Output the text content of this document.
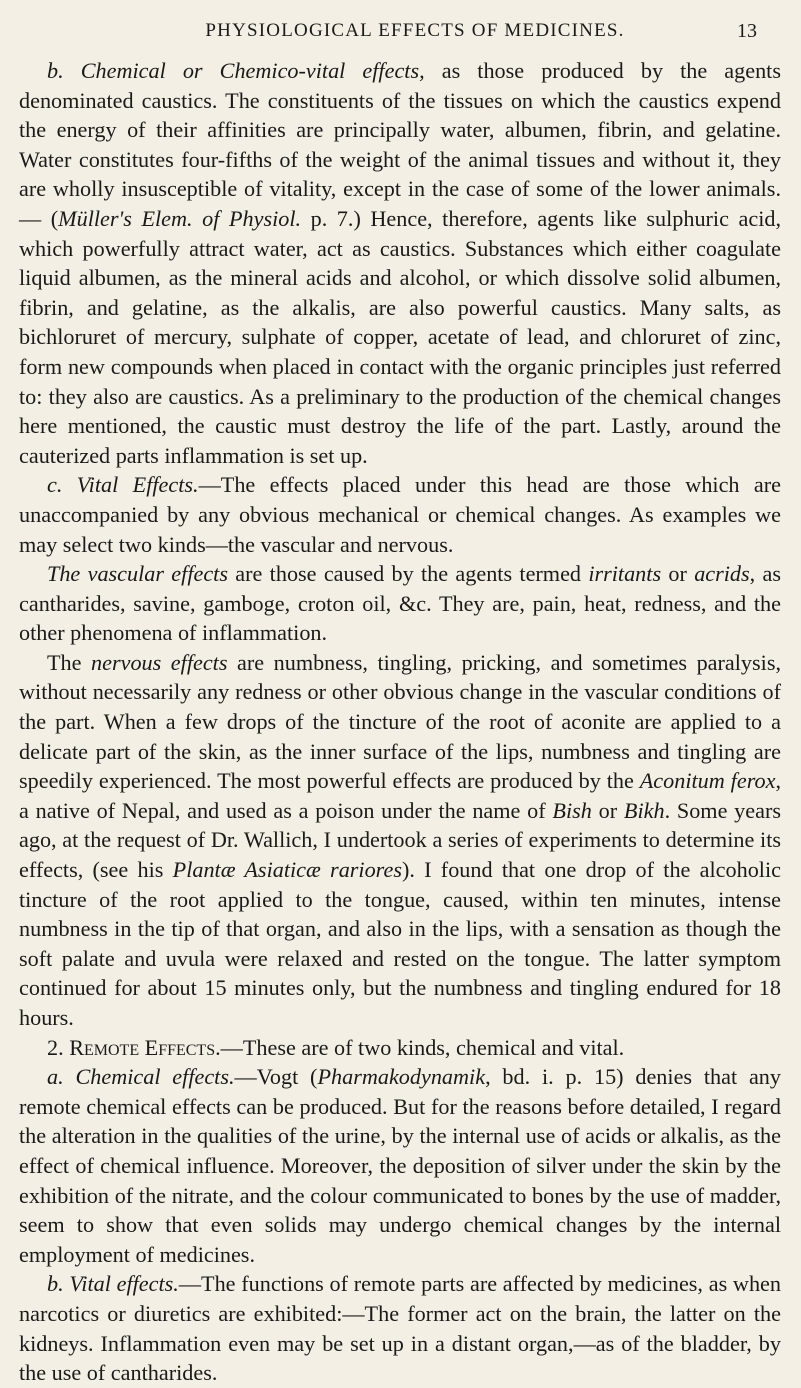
PHYSIOLOGICAL EFFECTS OF MEDICINES.	13

b. Chemical or Chemico-vital effects, as those produced by the agents denominated caustics. The constituents of the tissues on which the caustics expend the energy of their affinities are principally water, albumen, fibrin, and gelatine. Water constitutes four-fifths of the weight of the animal tissues and without it, they are wholly insusceptible of vitality, except in the case of some of the lower animals. — (Müller's Elem. of Physiol. p. 7.) Hence, therefore, agents like sulphuric acid, which powerfully attract water, act as caustics. Substances which either coagulate liquid albumen, as the mineral acids and alcohol, or which dissolve solid albumen, fibrin, and gelatine, as the alkalis, are also powerful caustics. Many salts, as bichloruret of mercury, sulphate of copper, acetate of lead, and chloruret of zinc, form new compounds when placed in contact with the organic principles just referred to: they also are caustics. As a preliminary to the production of the chemical changes here mentioned, the caustic must destroy the life of the part. Lastly, around the cauterized parts inflammation is set up.

c. Vital Effects.—The effects placed under this head are those which are unaccompanied by any obvious mechanical or chemical changes. As examples we may select two kinds—the vascular and nervous.

The vascular effects are those caused by the agents termed irritants or acrids, as cantharides, savine, gamboge, croton oil, &c. They are, pain, heat, redness, and the other phenomena of inflammation.

The nervous effects are numbness, tingling, pricking, and sometimes paralysis, without necessarily any redness or other obvious change in the vascular conditions of the part. When a few drops of the tincture of the root of aconite are applied to a delicate part of the skin, as the inner surface of the lips, numbness and tingling are speedily experienced. The most powerful effects are produced by the Aconitum ferox, a native of Nepal, and used as a poison under the name of Bish or Bikh. Some years ago, at the request of Dr. Wallich, I undertook a series of experiments to determine its effects, (see his Plantæ Asiaticæ rariores). I found that one drop of the alcoholic tincture of the root applied to the tongue, caused, within ten minutes, intense numbness in the tip of that organ, and also in the lips, with a sensation as though the soft palate and uvula were relaxed and rested on the tongue. The latter symptom continued for about 15 minutes only, but the numbness and tingling endured for 18 hours.

2. Remote Effects.—These are of two kinds, chemical and vital.

a. Chemical effects.—Vogt (Pharmakodynamik, bd. i. p. 15) denies that any remote chemical effects can be produced. But for the reasons before detailed, I regard the alteration in the qualities of the urine, by the internal use of acids or alkalis, as the effect of chemical influence. Moreover, the deposition of silver under the skin by the exhibition of the nitrate, and the colour communicated to bones by the use of madder, seem to show that even solids may undergo chemical changes by the internal employment of medicines.

b. Vital effects.—The functions of remote parts are affected by medicines, as when narcotics or diuretics are exhibited:—The former act on the brain, the latter on the kidneys. Inflammation even may be set up in a distant organ,—as of the bladder, by the use of cantharides.
